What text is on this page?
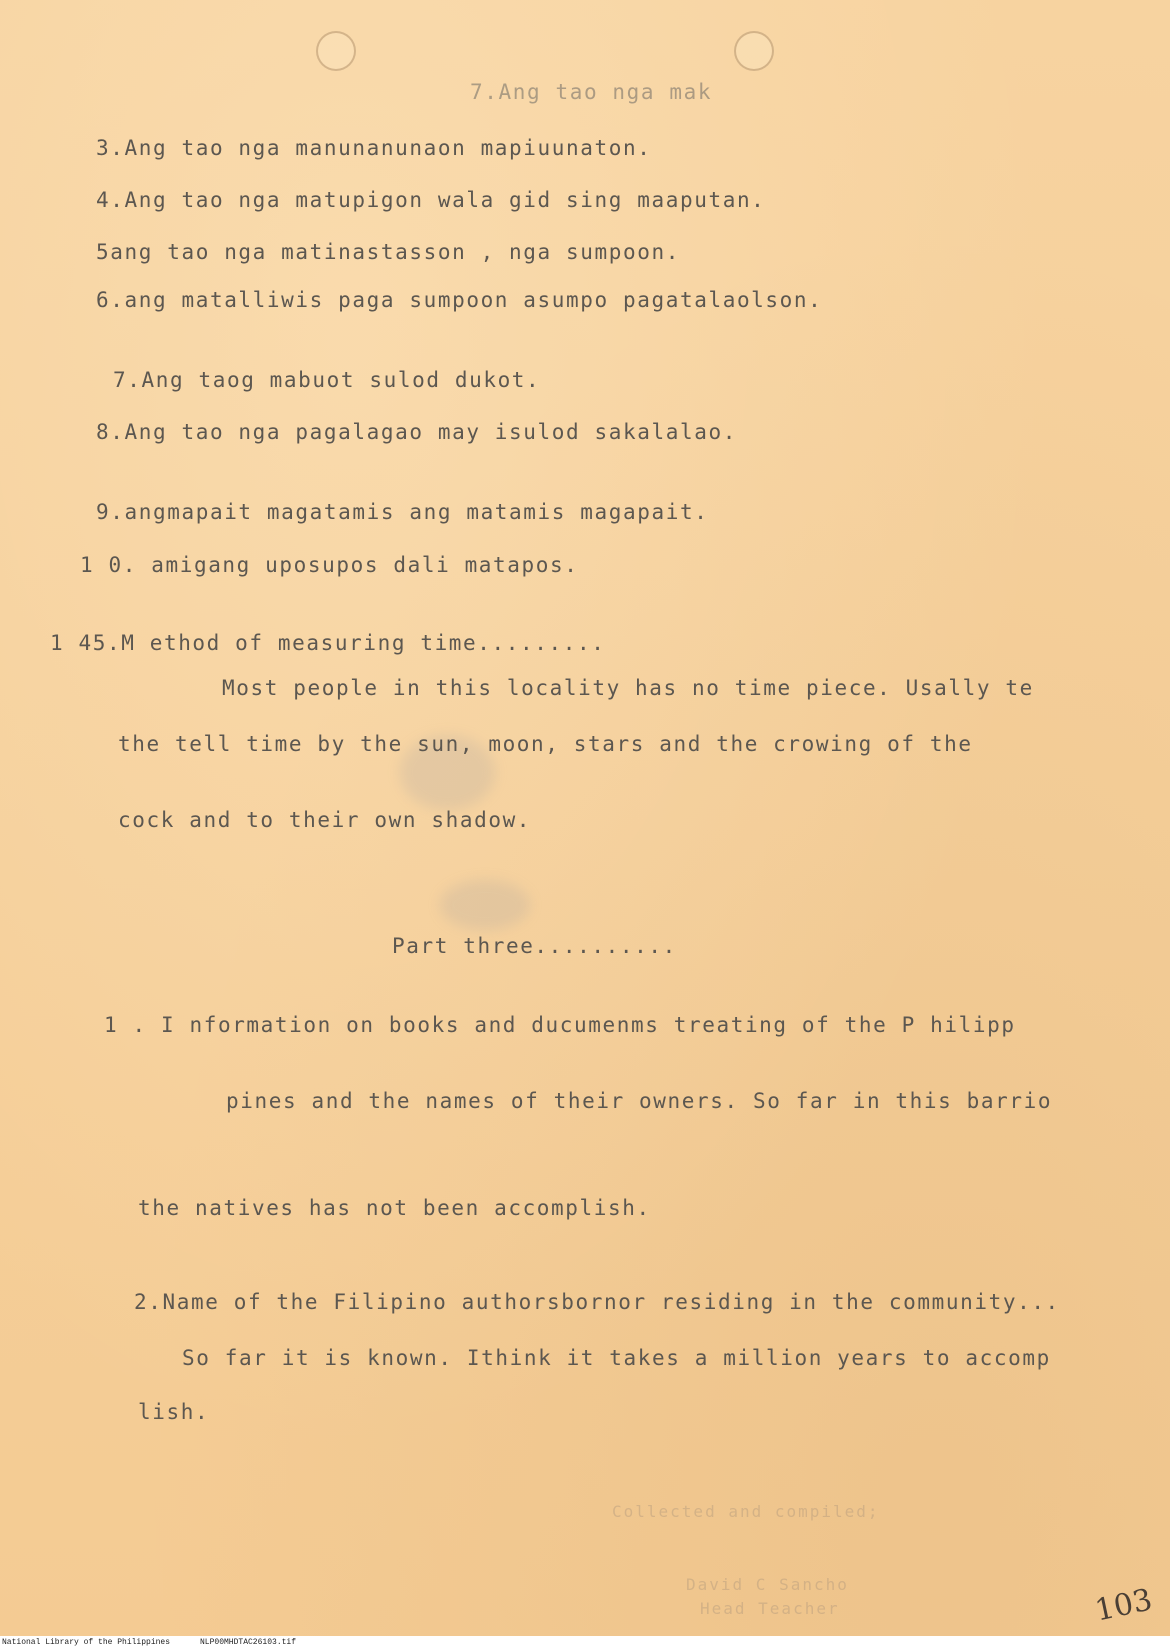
7.Ang tao nga mak
3.Ang tao nga manunanunaon mapiuunaton.
4.Ang tao nga matupigon wala gid sing maaputan.
5ang tao nga matinastasson , nga sumpoon.
6.ang matalliwis paga sumpoon asumpo pagatalaolson.
7.Ang taog mabuot sulod dukot.
8.Ang tao nga pagalagao may isulod sakalalao.
9.angmapait magatamis ang matamis magapait.
1 0. amigang uposupos dali matapos.
1 45.M ethod of measuring time.........
Most people in this locality has no time piece. Usally te
the tell time by the sun, moon, stars and the crowing of the
cock and to their own shadow.
Part three..........
1 . I nformation on books and ducumenms treating of the P hilipp
pines and the names of their owners. So far in this barrio
the natives has not been accomplish.
2.Name of the Filipino authorsbornor residing in the community...
So far it is known. Ithink it takes a million years to accomp
lish.
Collected and compiled;
David C Sancho
Head Teacher	103
National Library of the Philippines	NLP00MHDTAC26103.tif
